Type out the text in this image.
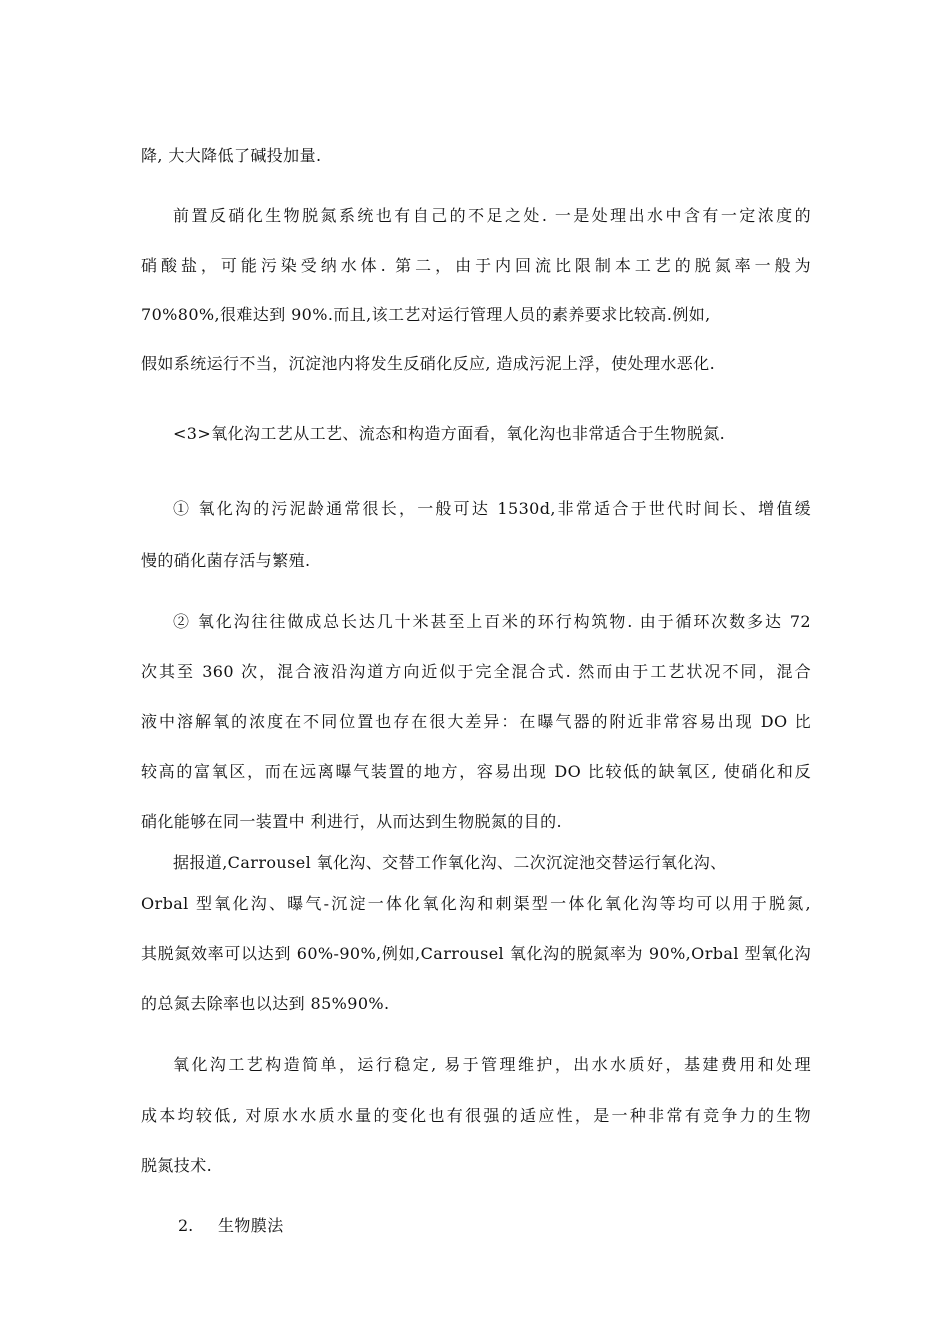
降, 大大降低了碱投加量.
前置反硝化生物脱氮系统也有自己的不足之处. 一是处理出水中含有一定浓度的
硝酸盐，可能污染受纳水体. 第二，由于内回流比限制本工艺的脱氮率一般为
70%80%,很难达到 90%.而且,该工艺对运行管理人员的素养要求比较高.例如,
假如系统运行不当，沉淀池内将发生反硝化反应, 造成污泥上浮，使处理水恶化.
<3>氧化沟工艺从工艺、流态和构造方面看，氧化沟也非常适合于生物脱氮.
① 氧化沟的污泥龄通常很长，一般可达 1530d,非常适合于世代时间长、增值缓
慢的硝化菌存活与繁殖.
② 氧化沟往往做成总长达几十米甚至上百米的环行构筑物. 由于循环次数多达 72
次其至 360 次，混合液沿沟道方向近似于完全混合式. 然而由于工艺状况不同，混合
液中溶解氧的浓度在不同位置也存在很大差异：在曝气器的附近非常容易出现 DO 比
较高的富氧区，而在远离曝气装置的地方，容易出现 DO 比较低的缺氧区, 使硝化和反
硝化能够在同一装置中 利进行，从而达到生物脱氮的目的.
据报道,Carrousel 氧化沟、交替工作氧化沟、二次沉淀池交替运行氧化沟、
Orbal 型氧化沟、曝气-沉淀一体化氧化沟和刺渠型一体化氧化沟等均可以用于脱氮,
其脱氮效率可以达到 60%-90%,例如,Carrousel 氧化沟的脱氮率为 90%,Orbal 型氧化沟
的总氮去除率也以达到 85%90%.
氧化沟工艺构造简单，运行稳定, 易于管理维护，出水水质好，基建费用和处理
成本均较低, 对原水水质水量的变化也有很强的适应性，是一种非常有竞争力的生物
脱氮技术.
2. 生物膜法
